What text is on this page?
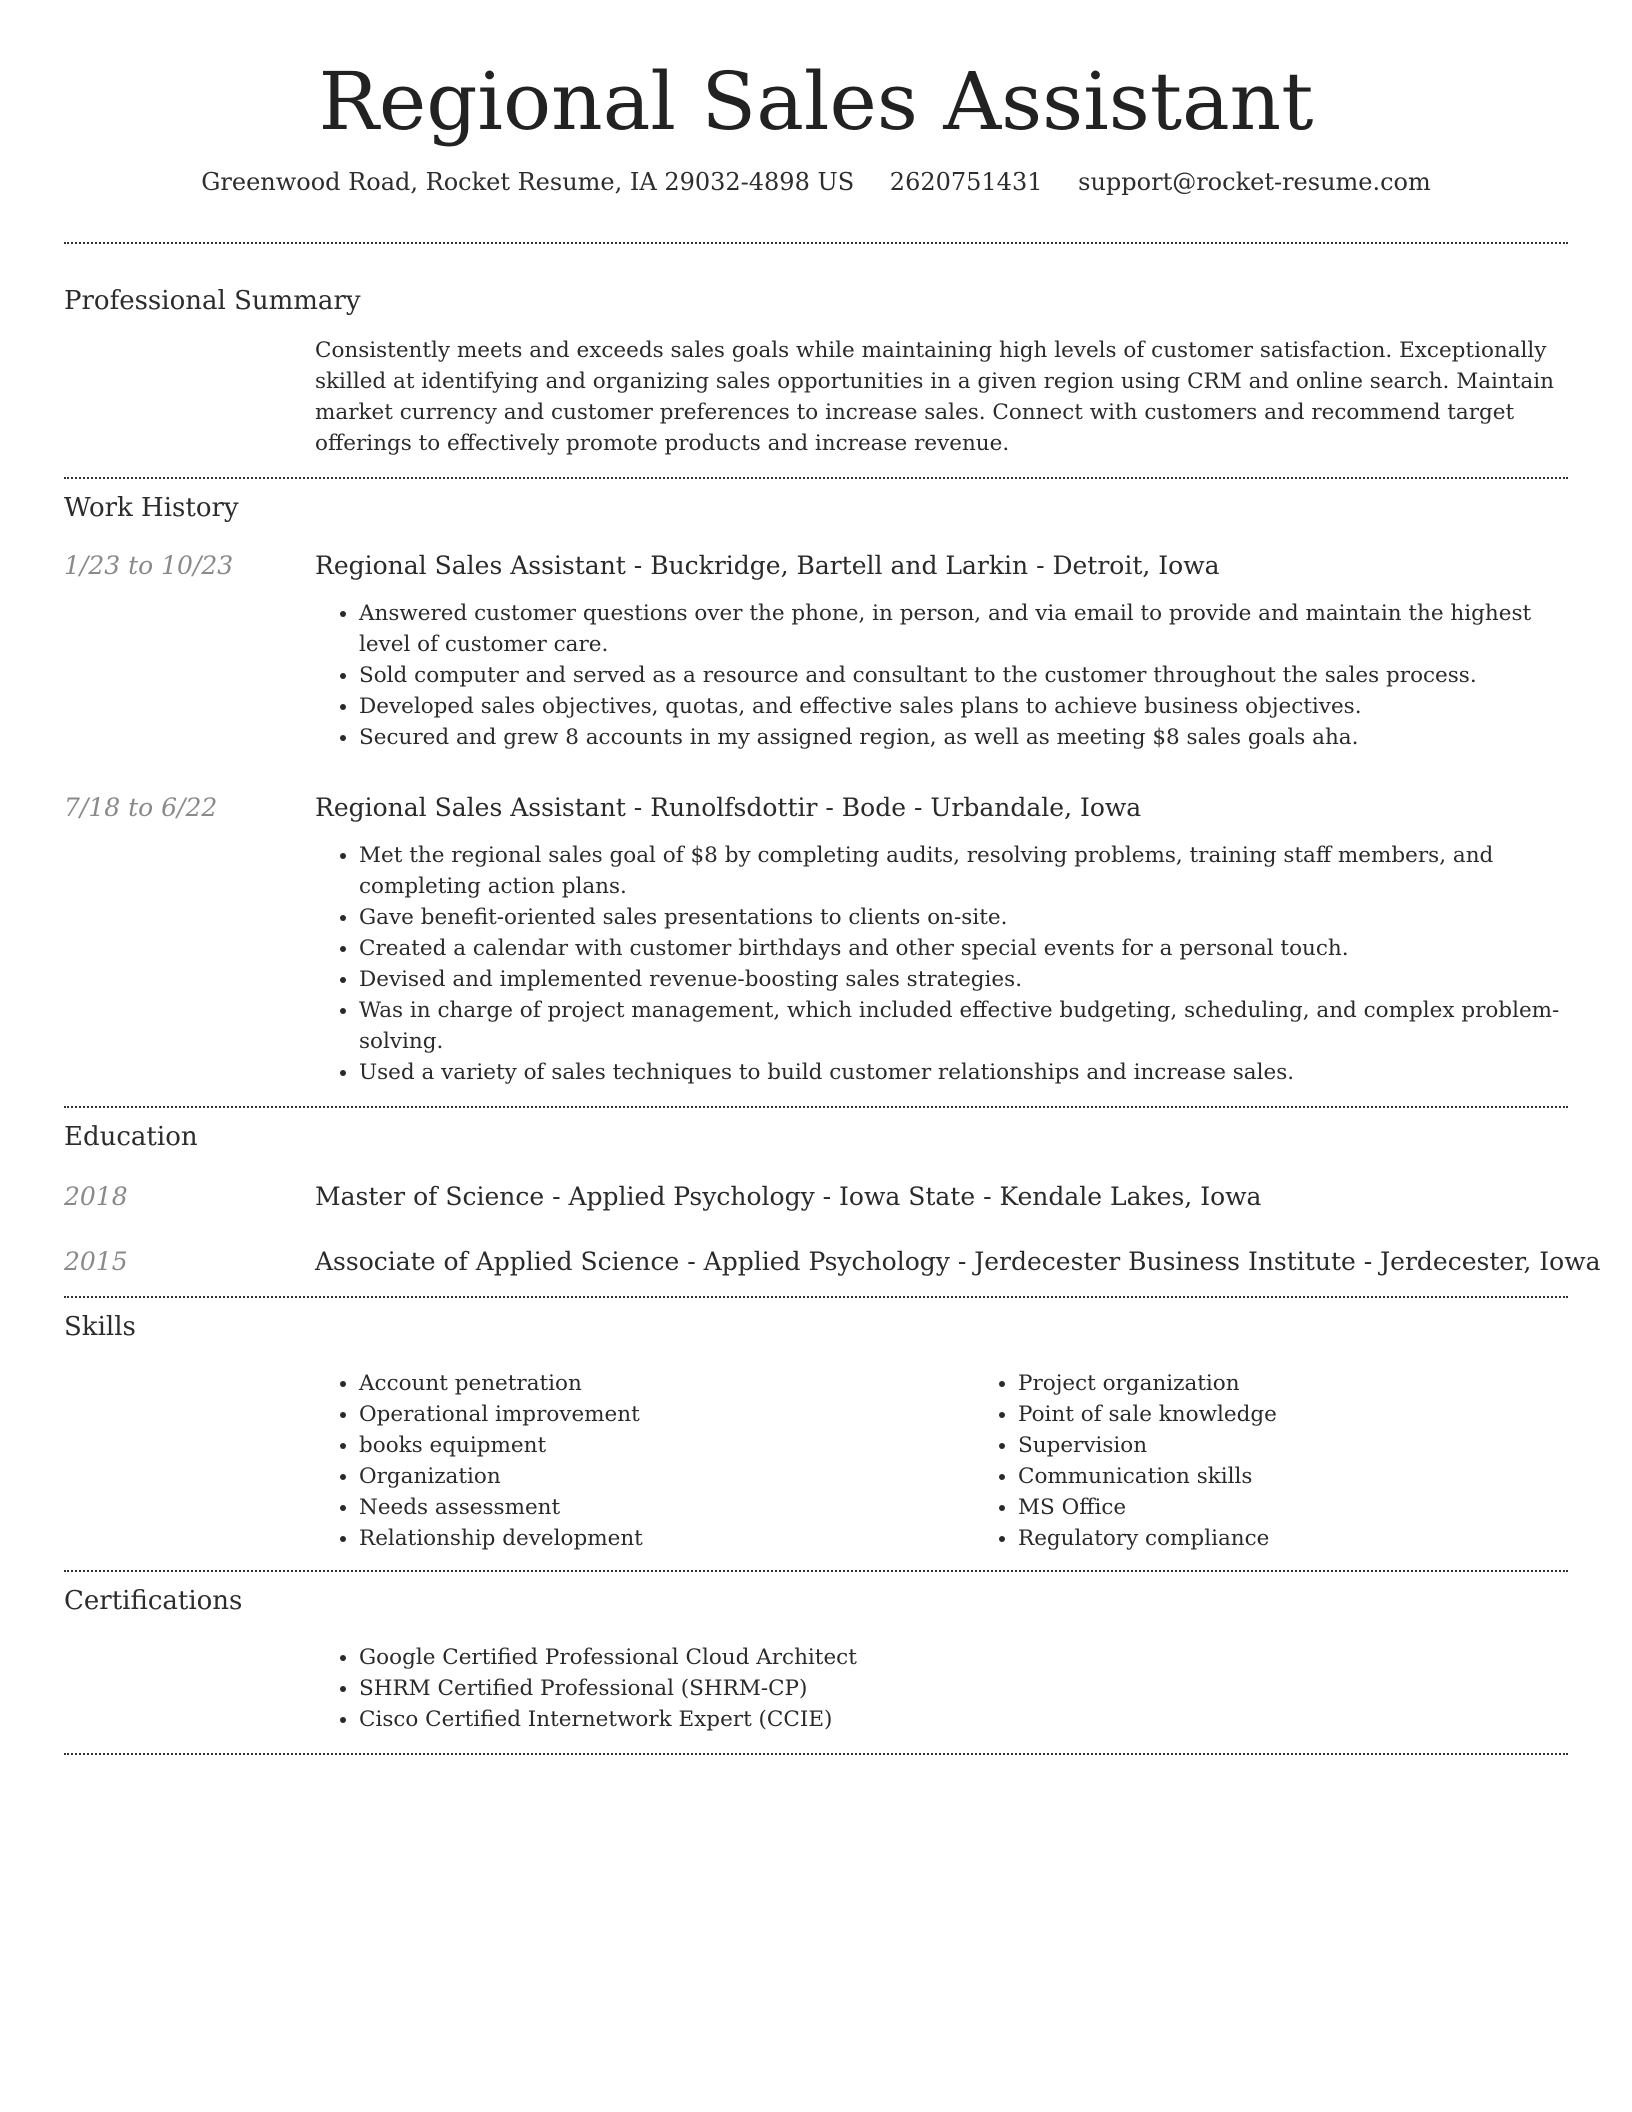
Regional Sales Assistant
Greenwood Road, Rocket Resume, IA 29032-4898 US 2620751431 support@rocket-resume.com
Professional Summary

Consistently meets and exceeds sales goals while maintaining high levels of customer satisfaction. Exceptionally skilled at identifying and organizing sales opportunities in a given region using CRM and online search. Maintain market currency and customer preferences to increase sales. Connect with customers and recommend target offerings to effectively promote products and increase revenue.

Work History
1/23 to 10/23	Regional Sales Assistant - Buckridge, Bartell and Larkin - Detroit, Iowa
• Answered customer questions over the phone, in person, and via email to provide and maintain the highest level of customer care.
• Sold computer and served as a resource and consultant to the customer throughout the sales process.
• Developed sales objectives, quotas, and effective sales plans to achieve business objectives.
• Secured and grew 8 accounts in my assigned region, as well as meeting $8 sales goals aha.
7/18 to 6/22	Regional Sales Assistant - Runolfsdottir - Bode - Urbandale, Iowa
• Met the regional sales goal of $8 by completing audits, resolving problems, training staff members, and completing action plans.
• Gave benefit-oriented sales presentations to clients on-site.
• Created a calendar with customer birthdays and other special events for a personal touch.
• Devised and implemented revenue-boosting sales strategies.
• Was in charge of project management, which included effective budgeting, scheduling, and complex problem-solving.
• Used a variety of sales techniques to build customer relationships and increase sales.
Education
2018	Master of Science - Applied Psychology - Iowa State - Kendale Lakes, Iowa
2015	Associate of Applied Science - Applied Psychology - Jerdecester Business Institute - Jerdecester, Iowa
Skills
• Account penetration
• Operational improvement
• books equipment
• Organization
• Needs assessment
• Relationship development
• Project organization
• Point of sale knowledge
• Supervision
• Communication skills
• MS Office
• Regulatory compliance
Certifications
• Google Certified Professional Cloud Architect
• SHRM Certified Professional (SHRM-CP)
• Cisco Certified Internetwork Expert (CCIE)
